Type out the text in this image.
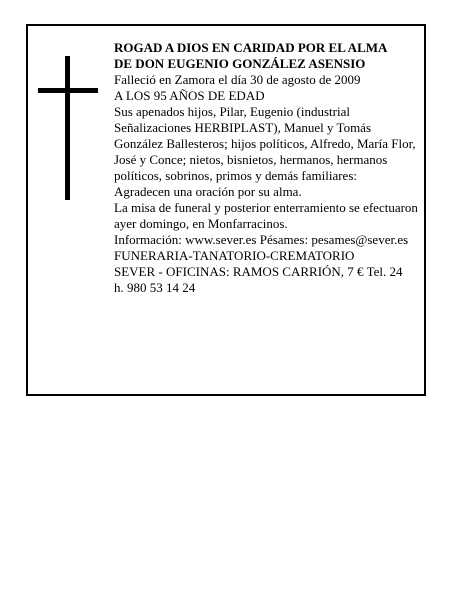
ROGAD A DIOS EN CARIDAD POR EL ALMA
DE DON EUGENIO GONZÁLEZ ASENSIO
Falleció en Zamora el día 30 de agosto de 2009
A LOS 95 AÑOS DE EDAD
Sus apenados hijos, Pilar, Eugenio (industrial Señalizaciones HERBIPLAST), Manuel y Tomás González Ballesteros; hijos políticos, Alfredo, María Flor, José y Conce; nietos, bisnietos, hermanos, hermanos políticos, sobrinos, primos y demás familiares:
Agradecen una oración por su alma.
La misa de funeral y posterior enterramiento se efectuaron ayer domingo, en Monfarracinos.
Información: www.sever.es Pésames: pesames@sever.es
FUNERARIA-TANATORIO-CREMATORIO
SEVER - OFICINAS: RAMOS CARRIÓN, 7 € Tel. 24
h. 980 53 14 24
